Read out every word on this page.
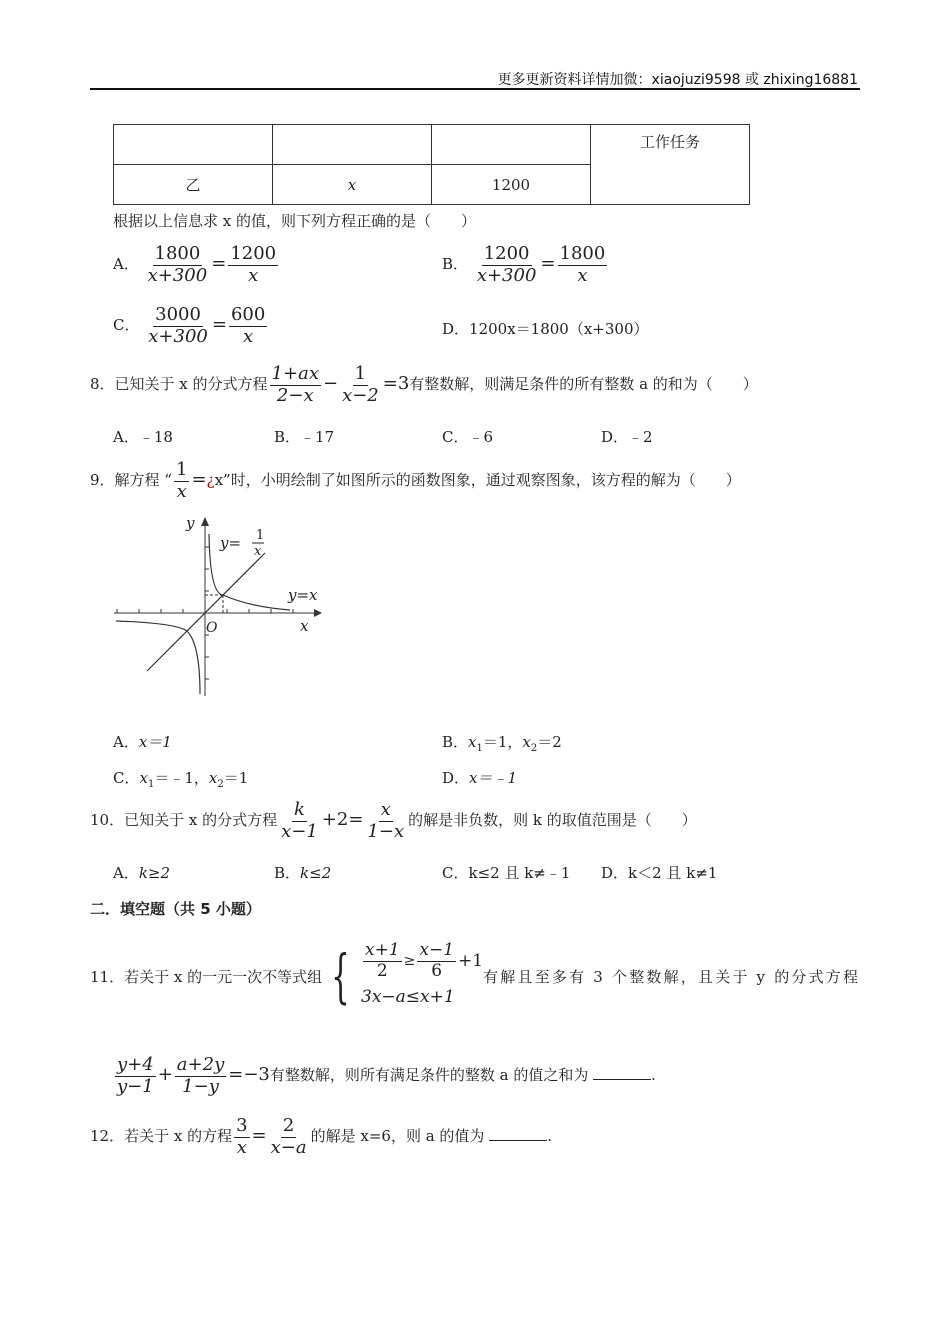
更多更新资料详情加微：xiaojuzi9598 或 zhixing16881
			工作任务
乙	x	1200	
根据以上信息求 x 的值，则下列方程正确的是（　　）
A． $\frac{1800}{x+300} = \frac{1200}{x}$	B． $\frac{1200}{x+300} = \frac{1800}{x}$
C． $\frac{3000}{x+300} = \frac{600}{x}$	D．1200x＝1800（x+300）
8．已知关于 x 的分式方程 $\frac{1+ax}{2-x} - \frac{1}{x-2} =3$有整数解，则满足条件的所有整数 a 的和为（　　）
A．﹣18	B．﹣17	C．﹣6	D．﹣2
9．解方程 “ $\frac{1}{x}$ =¿x”时，小明绘制了如图所示的函数图象，通过观察图象，该方程的解为（　　）
y
x
O
y= 1
x
y=x
A．x＝1	B．$x_1=1$，$x_2=2$
C．$x_1=﹣1$，$x_2=1$	D．x＝﹣1
10．已知关于 x 的分式方程 $\frac{k}{x-1} +2= \frac{x}{1-x}$ 的解是非负数，则 k 的取值范围是（　　）
A．k≥2	B．k≤2	C．k≤2 且 k≠﹣1 D．k＜2 且 k≠1
二．填空题（共 5 小题）
11．若关于 x 的一元一次不等式组 { $\frac{x+1}{2} \ge \frac{x-1}{6} +1$
3x−a≤x+1
有解且至多有 3 个整数解，且关于 y 的分式方程
$\frac{y+4}{y-1} + \frac{a+2y}{1-y} =-3$有整数解，则所有满足条件的整数 a 的值之和为	.
12．若关于 x 的方程 $\frac{3}{x} = \frac{2}{x-a}$ 的解是 x=6，则 a 的值为	.
